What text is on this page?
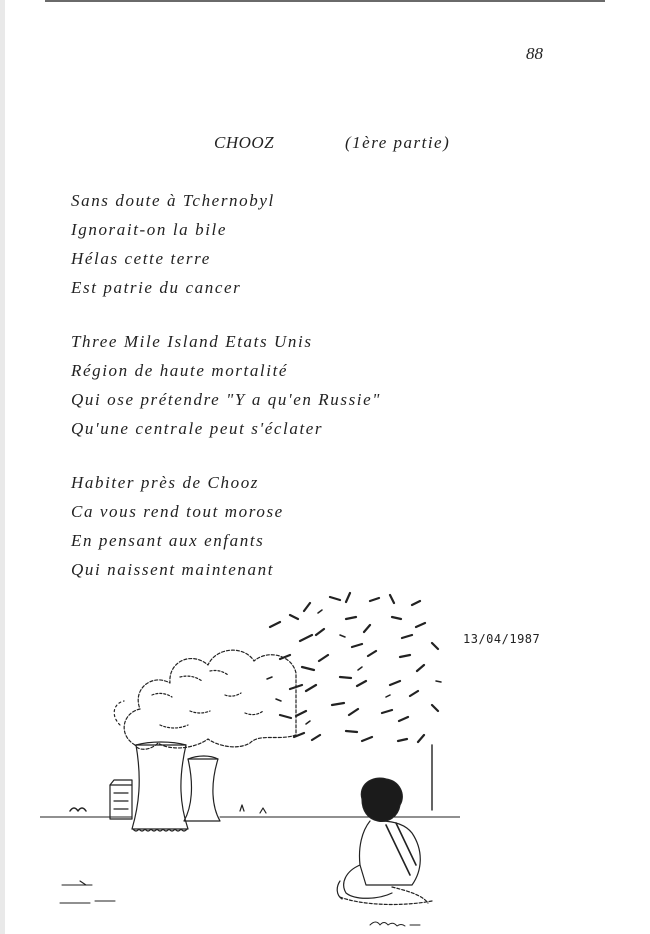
88
CHOOZ	(1ère partie)
Sans doute à Tchernobyl
Ignorait-on la bile
Hélas cette terre
Est patrie du cancer
Three Mile Island Etats Unis
Région de haute mortalité
Qui ose prétendre "Y a qu'en Russie"
Qu'une centrale peut s'éclater
Habiter près de Chooz
Ca vous rend tout morose
En pensant aux enfants
Qui naissent maintenant
13/04/1987
